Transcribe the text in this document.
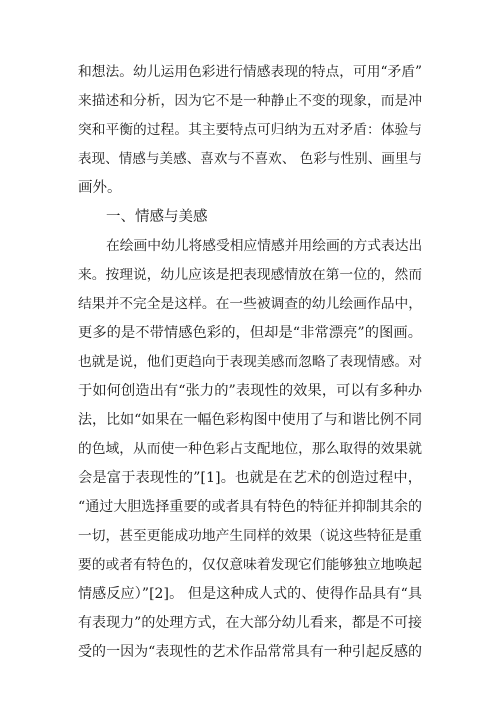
和想法。幼儿运用色彩进行情感表现的特点，可用“矛盾”
来描述和分析，因为它不是一种静止不变的现象，而是冲
突和平衡的过程。其主要特点可归纳为五对矛盾：体验与
表现、情感与美感、喜欢与不喜欢、 色彩与性别、画里与
画外。
一、情感与美感
在绘画中幼儿将感受相应情感并用绘画的方式表达出
来。按理说，幼儿应该是把表现感情放在第一位的，然而
结果并不完全是这样。在一些被调查的幼儿绘画作品中，
更多的是不带情感色彩的，但却是“非常漂亮”的图画。
也就是说，他们更趋向于表现美感而忽略了表现情感。对
于如何创造出有“张力的”表现性的效果，可以有多种办
法，比如“如果在一幅色彩构图中使用了与和谐比例不同
的色域，从而使一种色彩占支配地位，那么取得的效果就
会是富于表现性的”[1]。也就是在艺术的创造过程中，
“通过大胆选择重要的或者具有特色的特征并抑制其余的
一切，甚至更能成功地产生同样的效果（说这些特征是重
要的或者有特色的，仅仅意味着发现它们能够独立地唤起
情感反应）”[2]。 但是这种成人式的、使得作品具有“具
有表现力”的处理方式，在大部分幼儿看来，都是不可接
受的一因为“表现性的艺术作品常常具有一种引起反感的
